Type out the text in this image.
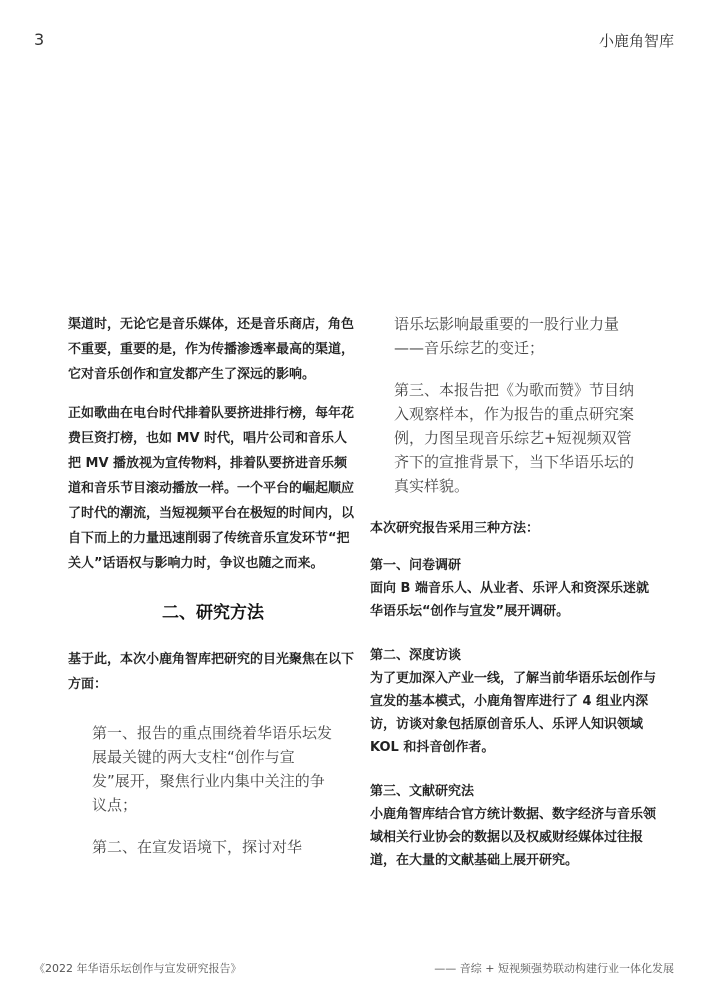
3	小鹿角智库

渠道时，无论它是音乐媒体，还是音乐商店，角色不重要，重要的是，作为传播渗透率最高的渠道，它对音乐创作和宣发都产生了深远的影响。

正如歌曲在电台时代排着队要挤进排行榜，每年花费巨资打榜，也如 MV 时代，唱片公司和音乐人把 MV 播放视为宣传物料，排着队要挤进音乐频道和音乐节目滚动播放一样。一个平台的崛起顺应了时代的潮流，当短视频平台在极短的时间内，以自下而上的力量迅速削弱了传统音乐宣发环节“把关人”话语权与影响力时，争议也随之而来。

二、研究方法

基于此，本次小鹿角智库把研究的目光聚焦在以下方面：

第一、报告的重点围绕着华语乐坛发展最关键的两大支柱“创作与宣发”展开，聚焦行业内集中关注的争议点；

第二、在宣发语境下，探讨对华

语乐坛影响最重要的一股行业力量——音乐综艺的变迁；

第三、本报告把《为歌而赞》节目纳入观察样本，作为报告的重点研究案例，力图呈现音乐综艺+短视频双管齐下的宣推背景下，当下华语乐坛的真实样貌。

本次研究报告采用三种方法：

第一、问卷调研

面向 B 端音乐人、从业者、乐评人和资深乐迷就华语乐坛“创作与宣发”展开调研。

第二、深度访谈

为了更加深入产业一线，了解当前华语乐坛创作与宣发的基本模式，小鹿角智库进行了 4 组业内深访，访谈对象包括原创音乐人、乐评人知识领域 KOL 和抖音创作者。

第三、文献研究法

小鹿角智库结合官方统计数据、数字经济与音乐领域相关行业协会的数据以及权威财经媒体过往报道，在大量的文献基础上展开研究。

《2022 年华语乐坛创作与宣发研究报告》	—— 音综 + 短视频强势联动构建行业一体化发展
